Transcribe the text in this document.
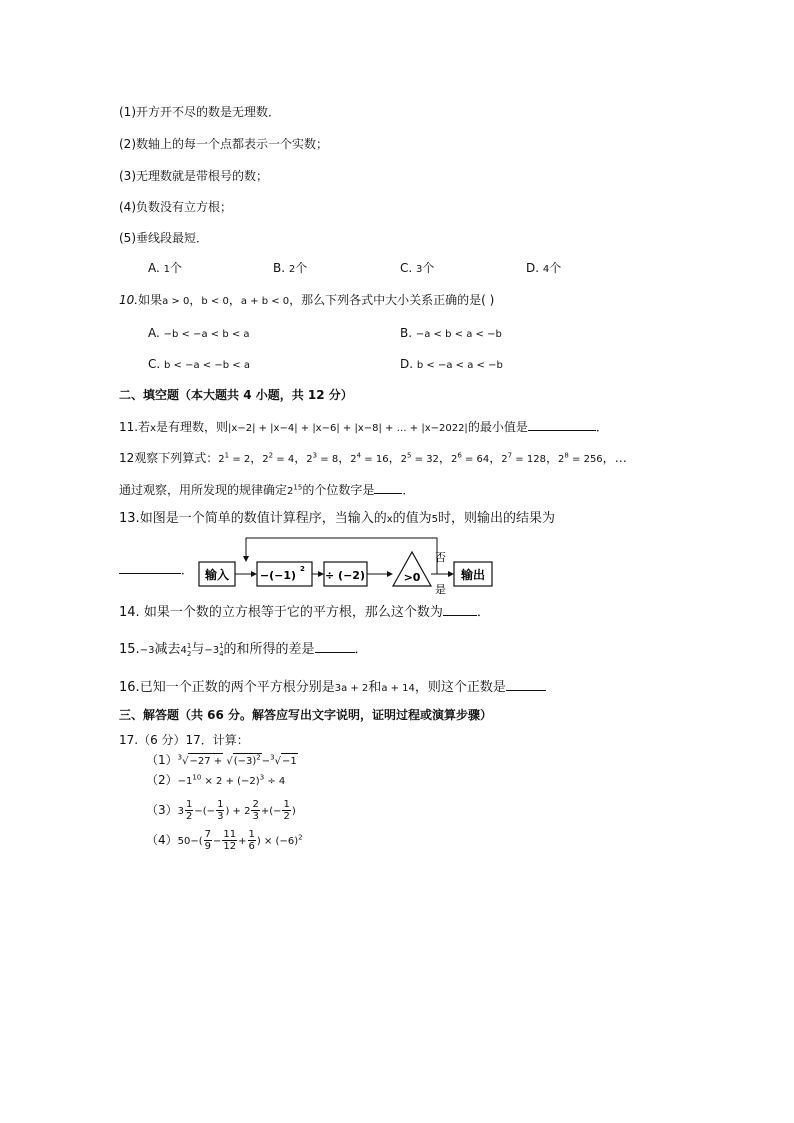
(1)开方开不尽的数是无理数．
(2)数轴上的每一个点都表示一个实数；
(3)无理数就是带根号的数；
(4)负数没有立方根；
(5)垂线段最短．
A. 1个	B. 2个	C. 3个	D. 4个
10.如果a > 0，b < 0，a + b < 0，那么下列各式中大小关系正确的是( )
A. −b < −a < b < a	B. −a < b < a < −b
C. b < −a < −b < a	D. b < −a < a < −b
二、填空题（本大题共 4 小题，共 12 分）
11.若x是有理数，则|x−2| + |x−4| + |x−6| + |x−8| + … + |x−2022|的最小值是	．
12观察下列算式：$2^1 = 2$，$2^2 = 4$，$2^3 = 8$，$2^4 = 16$，$2^5 = 32$，$2^6 = 64$，$2^7 = 128$，$2^8 = 256$，…
通过观察，用所发现的规律确定$2^{15}$的个位数字是 ．
13.如图是一个简单的数值计算程序，当输入的x的值为5时，则输出的结果为
． 输入	−(−1) 2 ÷ (−2)	>0
否
是
输出
14. 如果一个数的立方根等于它的平方根，那么这个数为	．
15.−3减去4 1
2 与−3 1
4 的和所得的差是	．
16.已知一个正数的两个平方根分别是3a + 2和a + 14，则这个正数是
三、解答题（共 66 分。解答应写出文字说明，证明过程或演算步骤）
17.（6 分）17．计算：
$(1)^3√-27 + √(-3)^2-^3√-1$
$(2)-1^{10} \times 2 + (-2)^3 \div 4$
$(3)3 \frac{1}{2}$ −(− $\frac{1}{3}$ ) + $2 \frac{2}{3}$ +(− $\frac{1}{2}$ )
$(4)50-( \frac{7}{9} - \frac{11}{12} + \frac{1}{6}$ ) × $(-6)^2$
